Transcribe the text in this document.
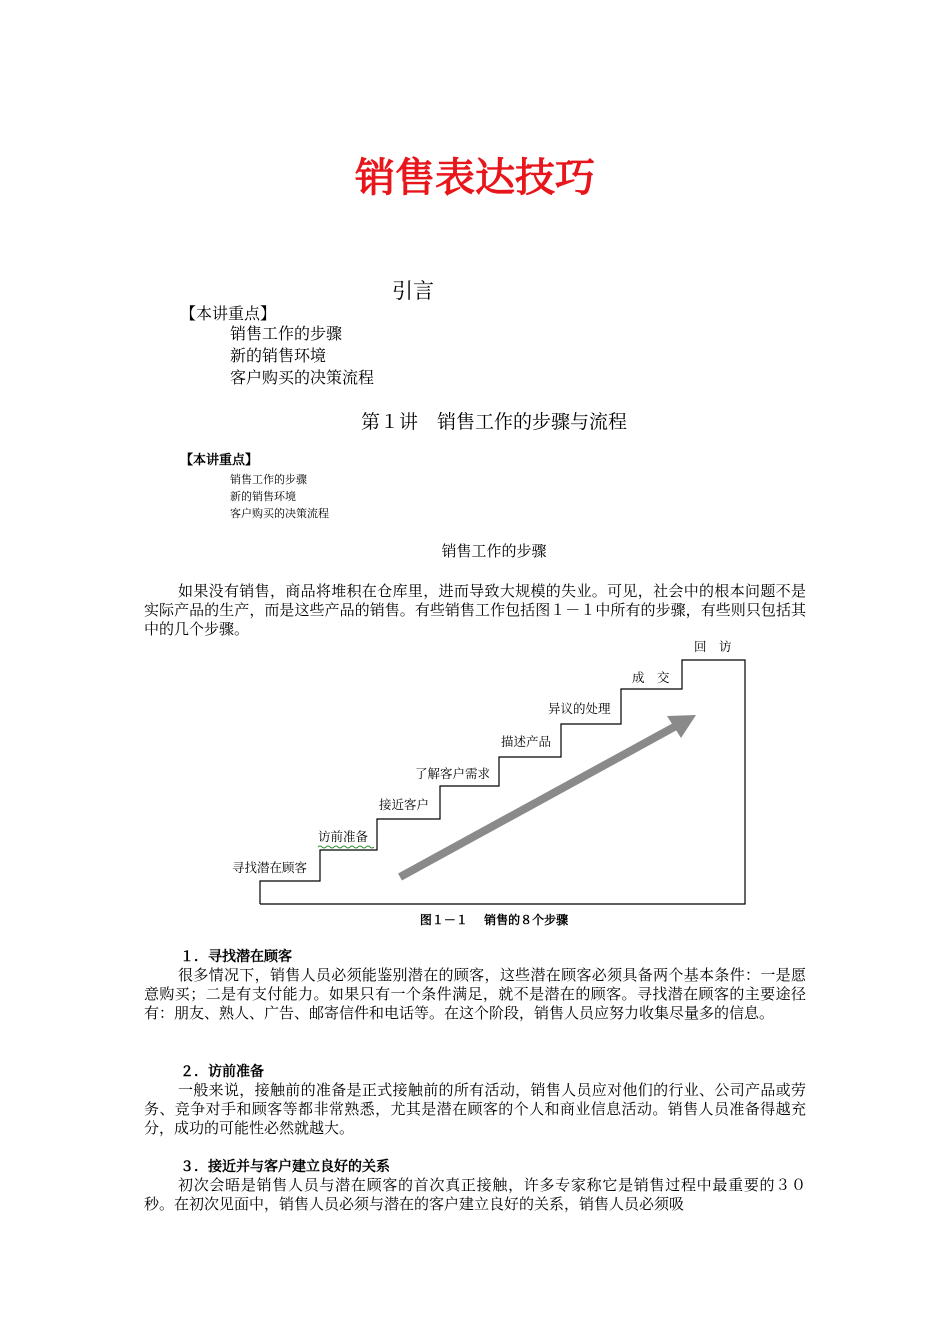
销售表达技巧
引言
【本讲重点】
销售工作的步骤
新的销售环境
客户购买的决策流程
第１讲　销售工作的步骤与流程
【本讲重点】
销售工作的步骤
新的销售环境
客户购买的决策流程
销售工作的步骤

如果没有销售，商品将堆积在仓库里，进而导致大规模的失业。可见，社会中的根本问题不是实际产品的生产，而是这些产品的销售。有些销售工作包括图１－１中所有的步骤，有些则只包括其中的几个步骤。

寻找潜在顾客
访前准备
接近客户
了解客户需求
描述产品
异议的处理
成　交
回　访
图１－１　 销售的８个步骤
１．寻找潜在顾客

很多情况下，销售人员必须能鉴别潜在的顾客，这些潜在顾客必须具备两个基本条件：一是愿意购买；二是有支付能力。如果只有一个条件满足，就不是潜在的顾客。寻找潜在顾客的主要途径有：朋友、熟人、广告、邮寄信件和电话等。在这个阶段，销售人员应努力收集尽量多的信息。

２．访前准备

一般来说，接触前的准备是正式接触前的所有活动，销售人员应对他们的行业、公司产品或劳务、竞争对手和顾客等都非常熟悉，尤其是潜在顾客的个人和商业信息活动。销售人员准备得越充分，成功的可能性必然就越大。

３．接近并与客户建立良好的关系

初次会晤是销售人员与潜在顾客的首次真正接触，许多专家称它是销售过程中最重要的３０秒。在初次见面中，销售人员必须与潜在的客户建立良好的关系，销售人员必须吸
